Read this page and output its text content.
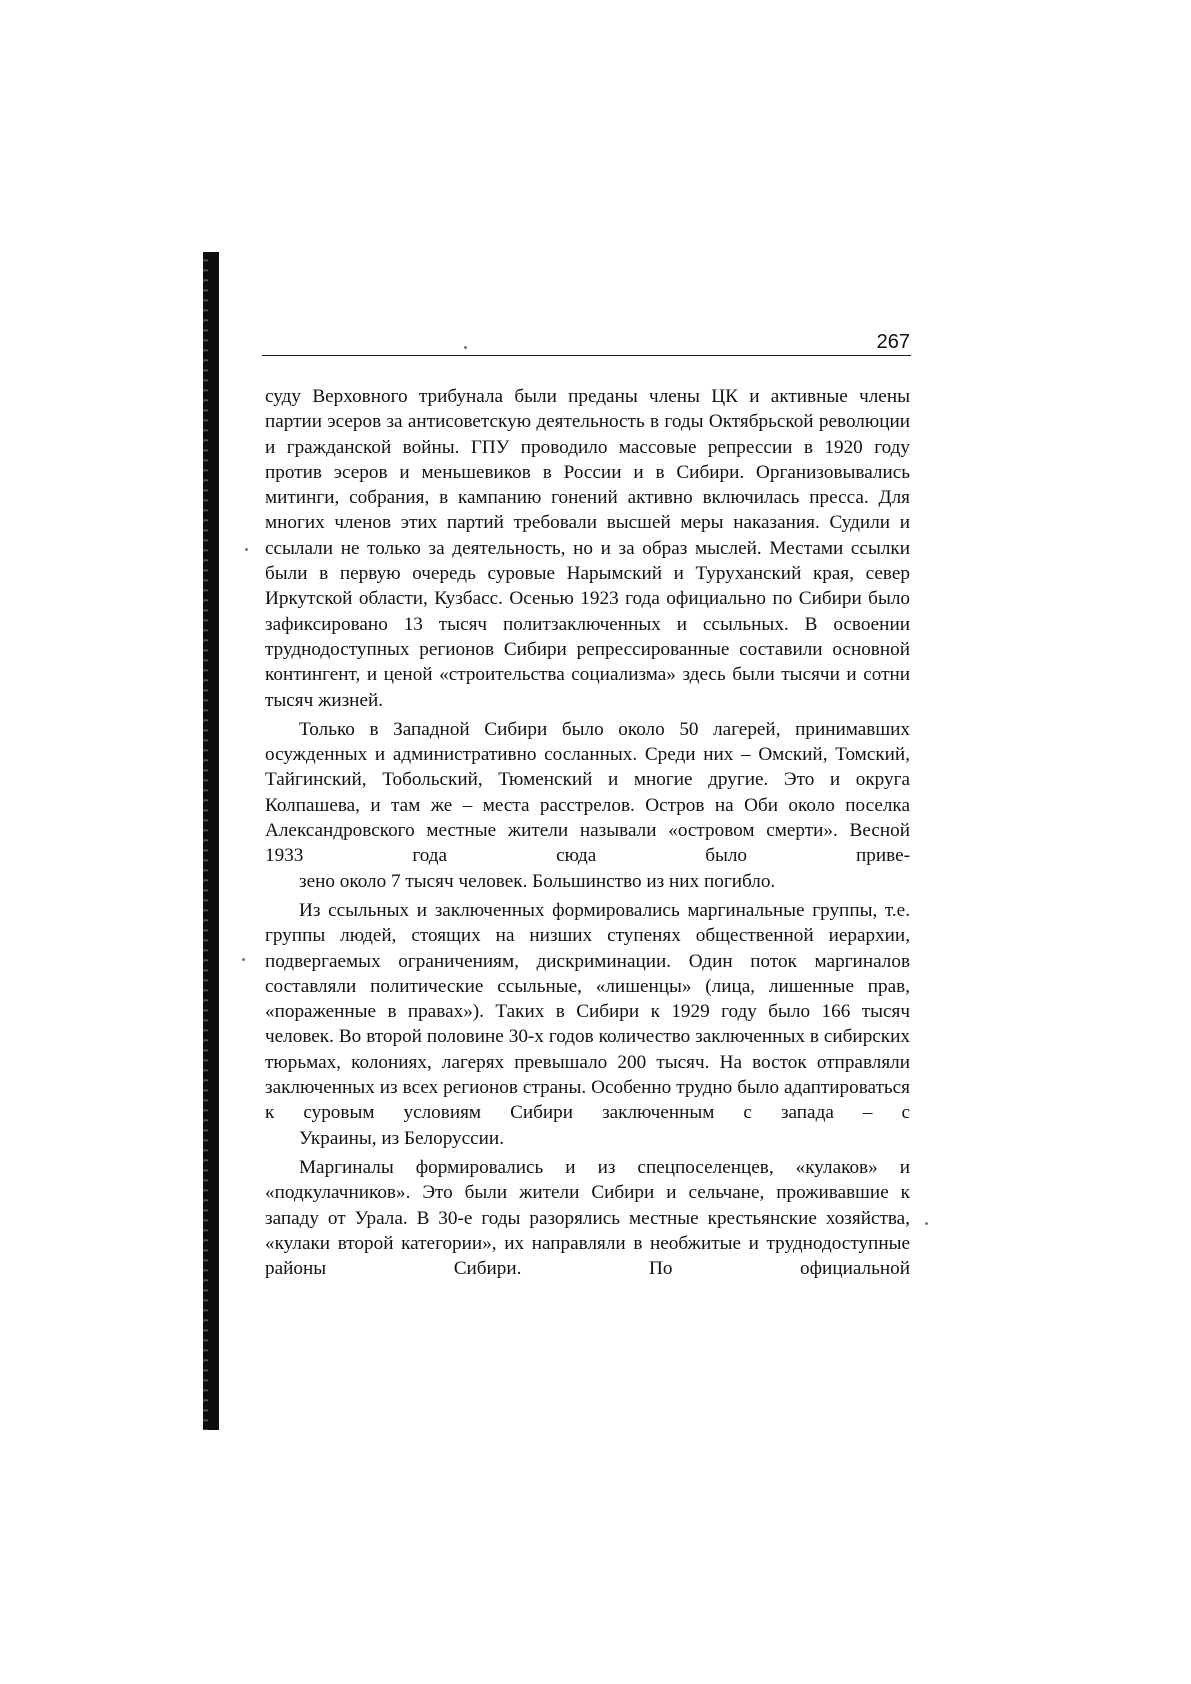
267

суду Верховного трибунала были преданы члены ЦК и активные члены партии эсеров за антисоветскую деятельность в годы Октябрьской революции и гражданской войны. ГПУ проводило массовые репрессии в 1920 году против эсеров и меньшевиков в России и в Сибири. Организовывались митинги, собрания, в кампанию гонений активно включилась пресса. Для многих членов этих партий требовали высшей меры наказания. Судили и ссылали не только за деятельность, но и за образ мыслей. Местами ссылки были в первую очередь суровые Нарымский и Туруханский края, север Иркутской области, Кузбасс. Осенью 1923 года официально по Сибири было зафиксировано 13 тысяч политзаключенных и ссыльных. В освоении труднодоступных регионов Сибири репрессированные составили основной контингент, и ценой «строительства социализма» здесь были тысячи и сотни
тысяч жизней.

Только в Западной Сибири было около 50 лагерей, принимавших осужденных и административно сосланных. Среди них – Омский, Томский, Тайгинский, Тобольский, Тюменский и многие другие. Это и округа Колпашева, и там же – места расстрелов. Остров на Оби около поселка Александровского местные жители называли «островом смерти». Весной 1933 года сюда было приве-
зено около 7 тысяч человек. Большинство из них погибло.

Из ссыльных и заключенных формировались маргинальные группы, т.е. группы людей, стоящих на низших ступенях общественной иерархии, подвергаемых ограничениям, дискриминации. Один поток маргиналов составляли политические ссыльные, «лишенцы» (лица, лишенные прав, «пораженные в правах»). Таких в Сибири к 1929 году было 166 тысяч человек. Во второй половине 30-х годов количество заключенных в сибирских тюрьмах, колониях, лагерях превышало 200 тысяч. На восток отправляли заключенных из всех регионов страны. Особенно трудно было адаптироваться к суровым условиям Сибири заключенным с запада – с
Украины, из Белоруссии.

Маргиналы формировались и из спецпоселенцев, «кулаков» и «подкулачников». Это были жители Сибири и сельчане, проживавшие к западу от Урала. В 30-е годы разорялись местные крестьянские хозяйства, «кулаки второй категории», их направляли в необжитые и труднодоступные районы Сибири. По официальной
